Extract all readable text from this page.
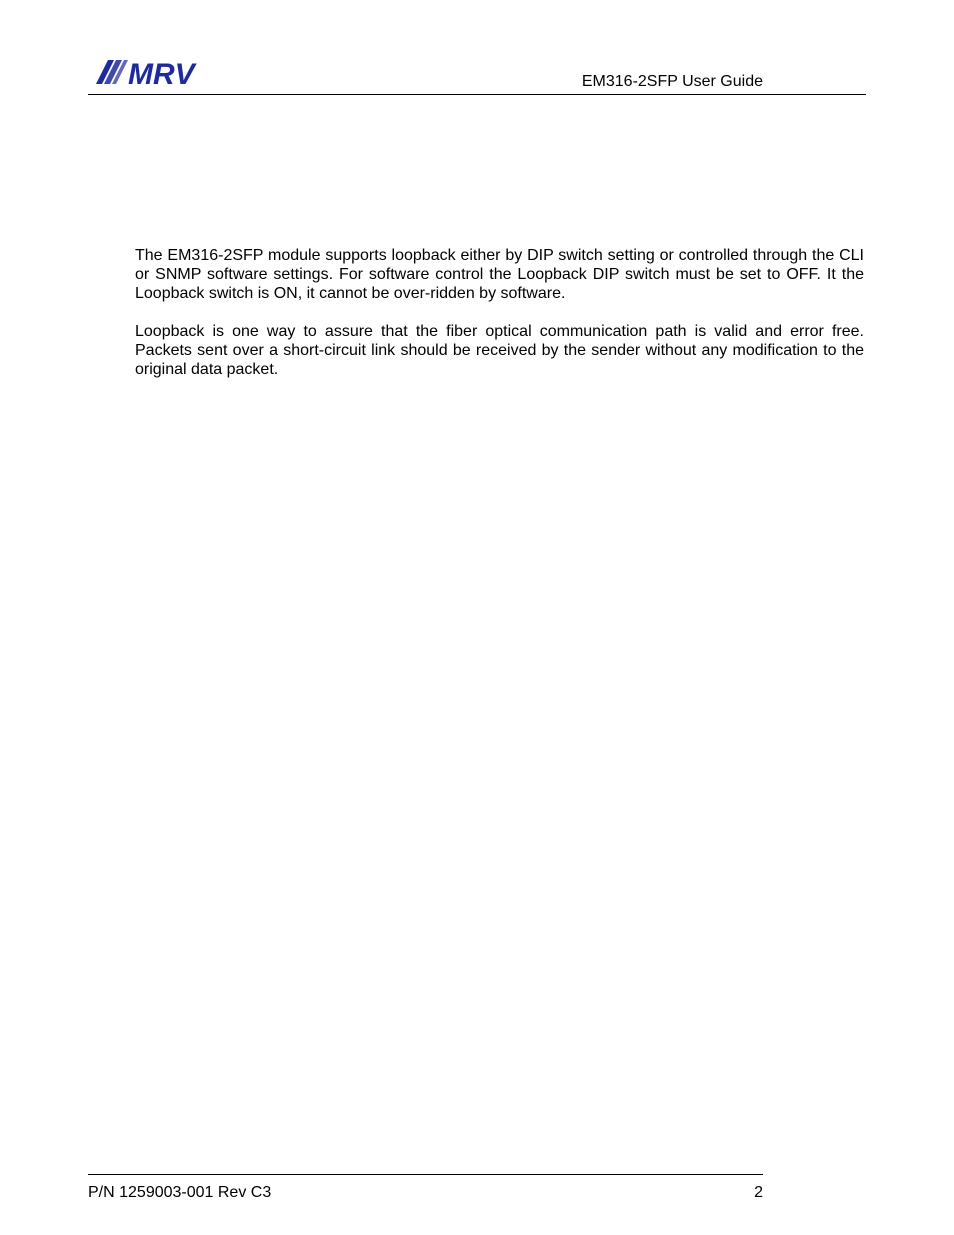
MRV	EM316-2SFP User Guide

The EM316-2SFP module supports loopback either by DIP switch setting or controlled through the CLI or SNMP software settings. For software control the Loopback DIP switch must be set to OFF. It the Loopback switch is ON, it cannot be over-ridden by software.

Loopback is one way to assure that the fiber optical communication path is valid and error free. Packets sent over a short-circuit link should be received by the sender without any modification to the original data packet.

P/N 1259003-001 Rev C3	2
